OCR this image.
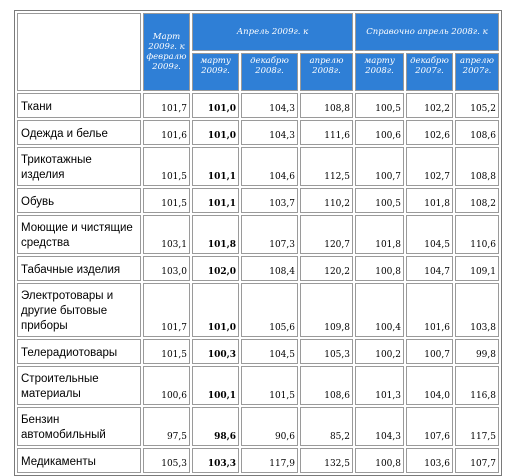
	Март 2009г. к февралю 2009г.	Апрель 2009г. к			Справочно апрель 2008г. к		
		марту 2009г.	декабрю 2008г.	апрелю 2008г.	марту 2008г.	декабрю 2007г.	апрелю 2007г.
Ткани	101,7	101,0	104,3	108,8	100,5	102,2	105,2
Одежда и белье	101,6	101,0	104,3	111,6	100,6	102,6	108,6
Трикотажные изделия	101,5	101,1	104,6	112,5	100,7	102,7	108,8
Обувь	101,5	101,1	103,7	110,2	100,5	101,8	108,2
Моющие и чистящие средства	103,1	101,8	107,3	120,7	101,8	104,5	110,6
Табачные изделия	103,0	102,0	108,4	120,2	100,8	104,7	109,1
Электротовары и другие бытовые приборы	101,7	101,0	105,6	109,8	100,4	101,6	103,8
Телерадиотовары	101,5	100,3	104,5	105,3	100,2	100,7	99,8
Строительные материалы	100,6	100,1	101,5	108,6	101,3	104,0	116,8
Бензин автомобильный	97,5	98,6	90,6	85,2	104,3	107,6	117,5
Медикаменты	105,3	103,3	117,9	132,5	100,8	103,6	107,7
